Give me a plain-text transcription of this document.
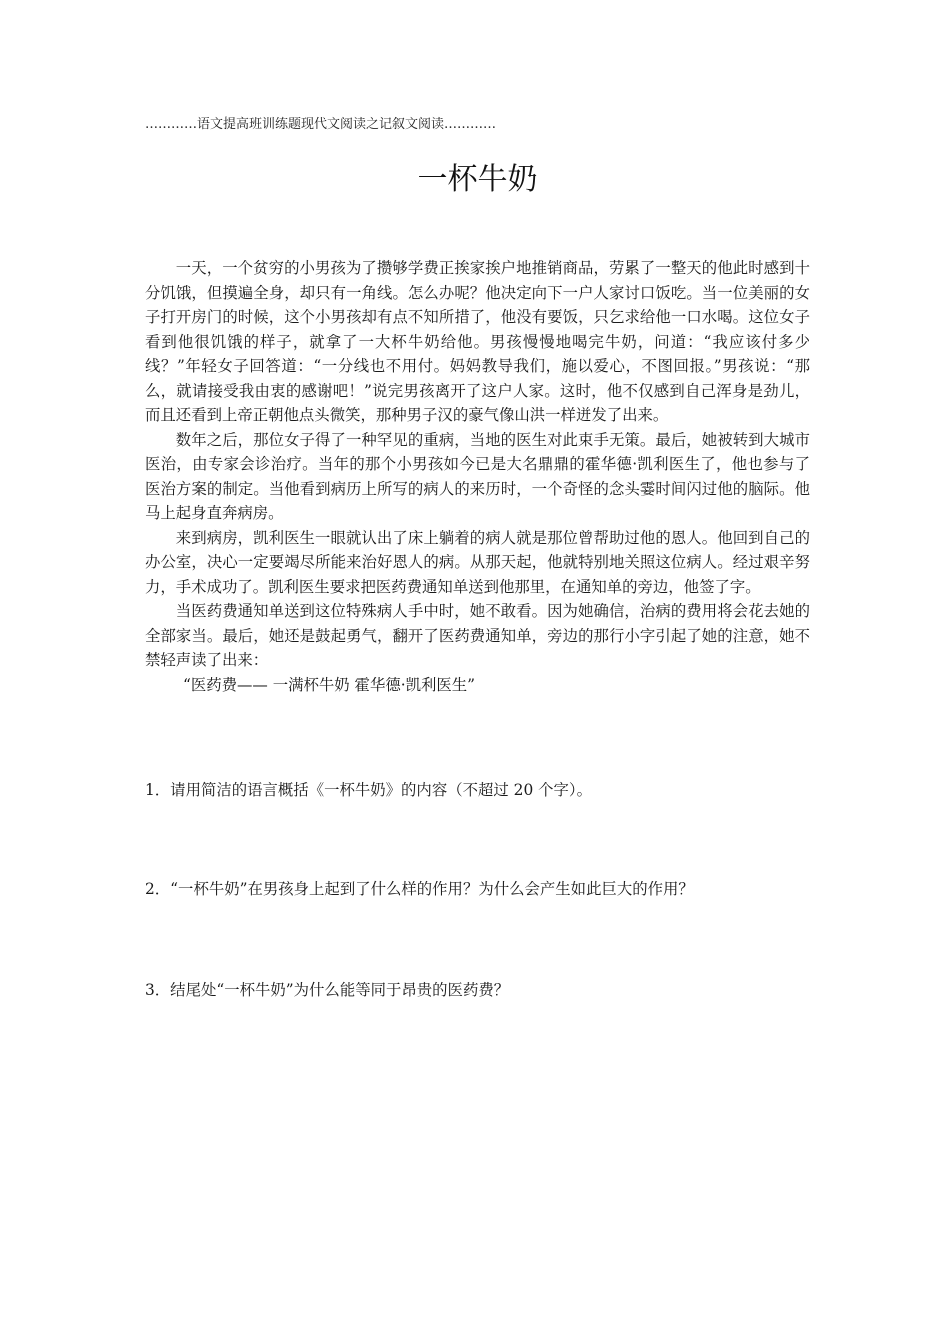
…………语文提高班训练题现代文阅读之记叙文阅读…………
一杯牛奶

一天，一个贫穷的小男孩为了攒够学费正挨家挨户地推销商品，劳累了一整天的他此时感到十分饥饿，但摸遍全身，却只有一角线。怎么办呢？他决定向下一户人家讨口饭吃。当一位美丽的女子打开房门的时候，这个小男孩却有点不知所措了，他没有要饭，只乞求给他一口水喝。这位女子看到他很饥饿的样子，就拿了一大杯牛奶给他。男孩慢慢地喝完牛奶，问道：“我应该付多少线？”年轻女子回答道：“一分线也不用付。妈妈教导我们，施以爱心，不图回报。”男孩说：“那么，就请接受我由衷的感谢吧！”说完男孩离开了这户人家。这时，他不仅感到自己浑身是劲儿，而且还看到上帝正朝他点头微笑，那种男子汉的豪气像山洪一样迸发了出来。

数年之后，那位女子得了一种罕见的重病，当地的医生对此束手无策。最后，她被转到大城市医治，由专家会诊治疗。当年的那个小男孩如今已是大名鼎鼎的霍华德·凯利医生了，他也参与了医治方案的制定。当他看到病历上所写的病人的来历时，一个奇怪的念头霎时间闪过他的脑际。他马上起身直奔病房。

来到病房，凯利医生一眼就认出了床上躺着的病人就是那位曾帮助过他的恩人。他回到自己的办公室，决心一定要竭尽所能来治好恩人的病。从那天起，他就特别地关照这位病人。经过艰辛努力，手术成功了。凯利医生要求把医药费通知单送到他那里，在通知单的旁边，他签了字。

当医药费通知单送到这位特殊病人手中时，她不敢看。因为她确信，治病的费用将会花去她的全部家当。最后，她还是鼓起勇气，翻开了医药费通知单，旁边的那行小字引起了她的注意，她不禁轻声读了出来：

“医药费—— 一满杯牛奶 霍华德·凯利医生”

1．请用简洁的语言概括《一杯牛奶》的内容（不超过 20 个字）。

2．“一杯牛奶”在男孩身上起到了什么样的作用？为什么会产生如此巨大的作用？

3．结尾处“一杯牛奶”为什么能等同于昂贵的医药费？
